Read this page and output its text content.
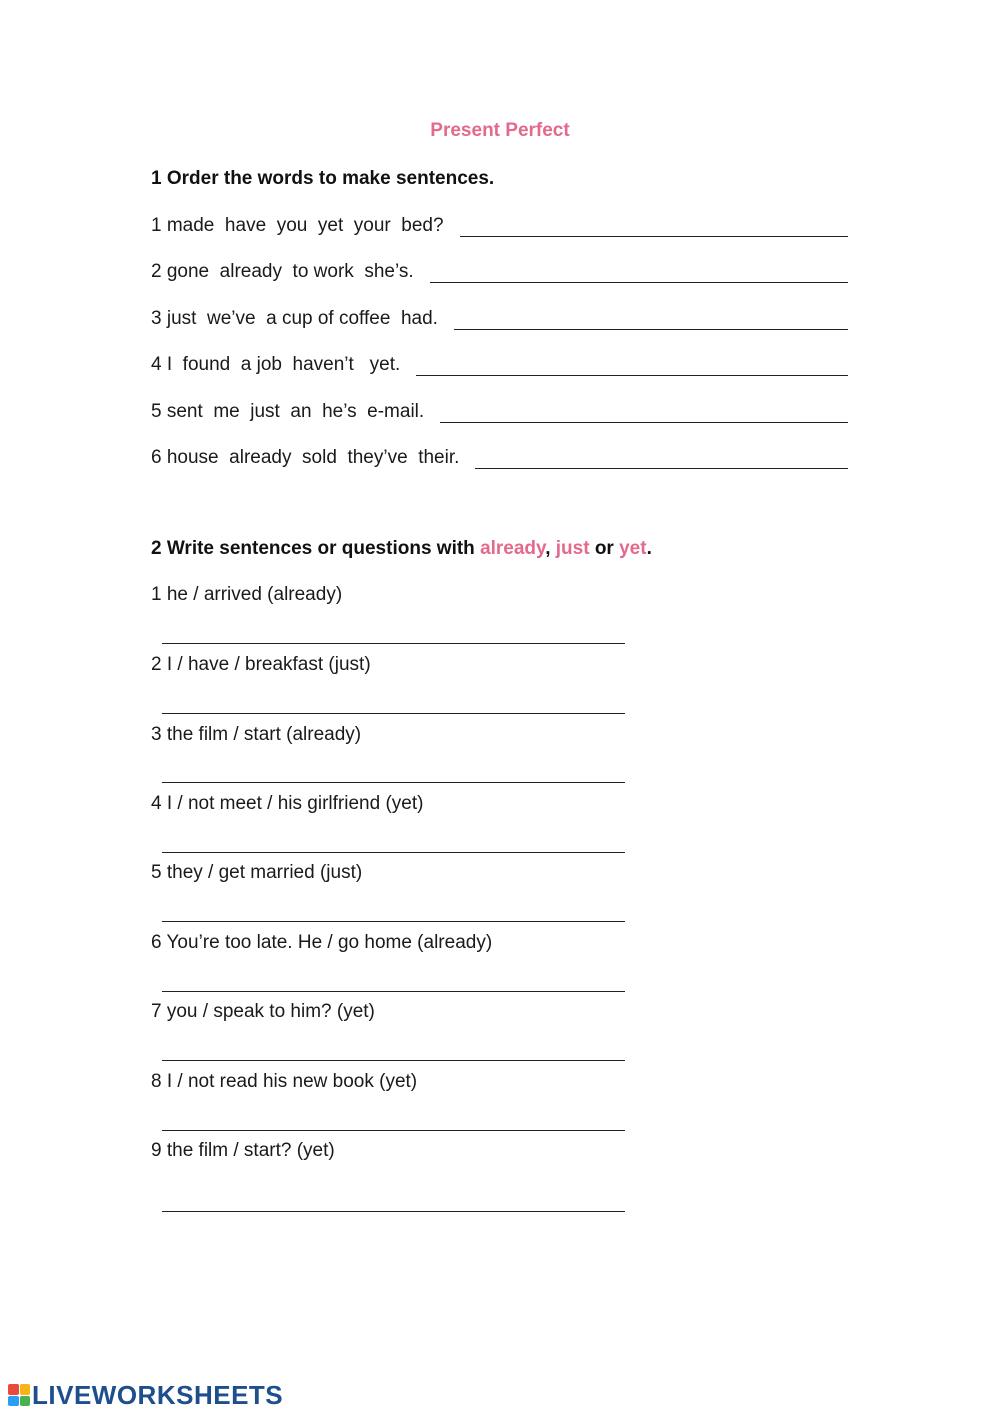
Present Perfect
1 Order the words to make sentences.
1 made  have  you  yet  your  bed?
2 gone  already  to work  she’s.
3 just  we’ve  a cup of coffee  had.
4 I  found  a job  haven’t   yet.
5 sent  me  just  an  he’s  e-mail.
6 house  already  sold  they’ve  their.
2 Write sentences or questions with already, just or yet.
1 he / arrived (already)
2 I / have / breakfast (just)
3 the film / start (already)
4 I / not meet / his girlfriend (yet)
5 they / get married (just)
6 You’re too late. He / go home (already)
7 you / speak to him? (yet)
8 I / not read his new book (yet)
9 the film / start? (yet)
LIVEWORKSHEETS
